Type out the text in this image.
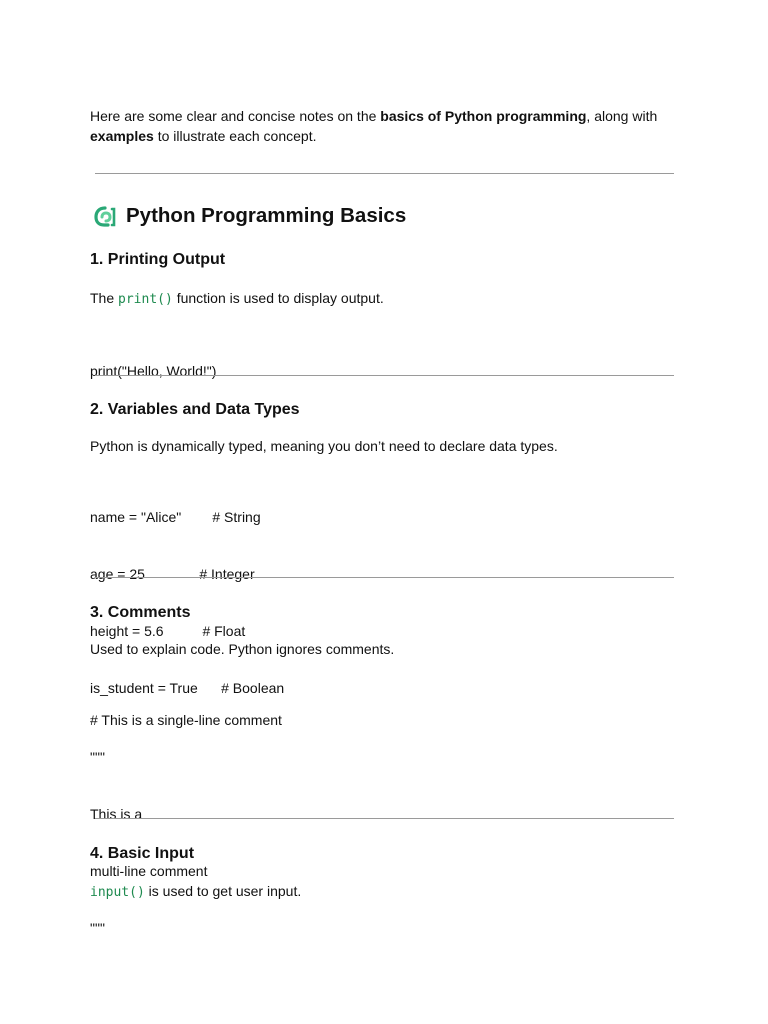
Here are some clear and concise notes on the basics of Python programming, along with
examples to illustrate each concept.
Python Programming Basics
1. Printing Output
The print() function is used to display output.

print("Hello, World!")

2. Variables and Data Types
Python is dynamically typed, meaning you don’t need to declare data types.

name = "Alice"        # String

age = 25              # Integer

height = 5.6          # Float

is_student = True      # Boolean

3. Comments
Used to explain code. Python ignores comments.

# This is a single-line comment

"""

This is a

multi-line comment

"""

4. Basic Input
input() is used to get user input.
